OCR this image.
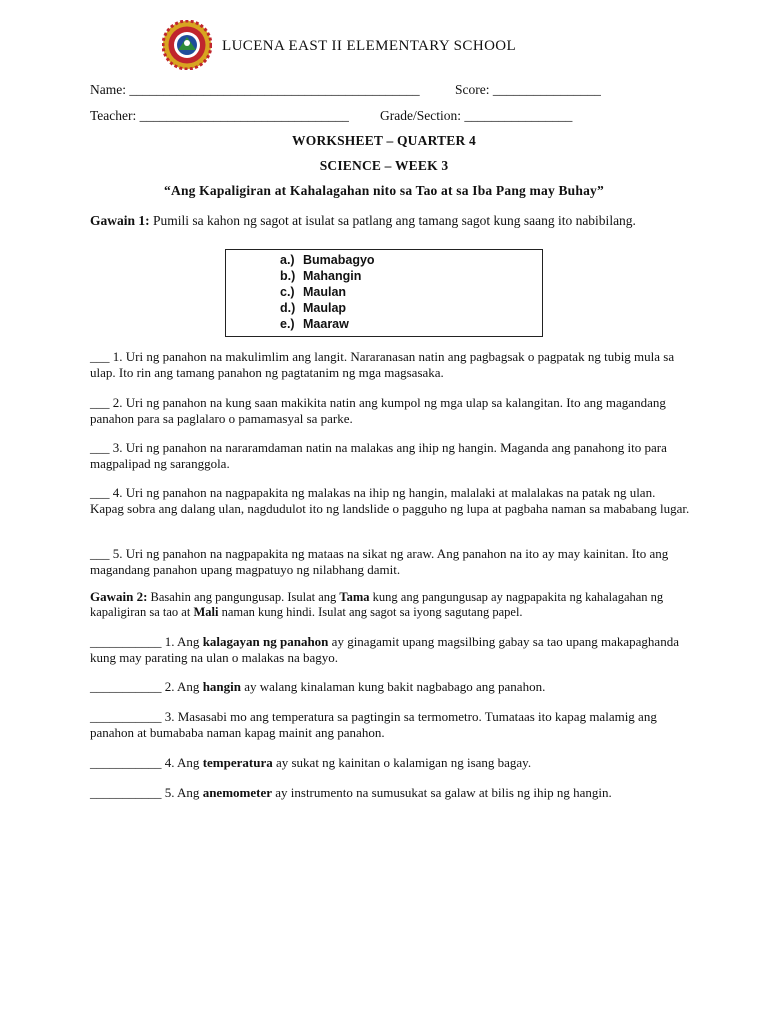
LUCENA EAST II ELEMENTARY SCHOOL
Name: ___________________________________________	Score: ________________
Teacher: _______________________________ Grade/Section: ________________
WORKSHEET – QUARTER 4
SCIENCE – WEEK 3
“Ang Kapaligiran at Kahalagahan nito sa Tao at sa Iba Pang may Buhay”
Gawain 1: Pumili sa kahon ng sagot at isulat sa patlang ang tamang sagot kung saang ito nabibilang.
a.) Bumabagyo
b.) Mahangin
c.) Maulan
d.) Maulap
e.) Maaraw
___ 1. Uri ng panahon na makulimlim ang langit. Nararanasan natin ang pagbagsak o pagpatak ng tubig mula sa ulap. Ito rin ang tamang panahon ng pagtatanim ng mga magsasaka.
___ 2. Uri ng panahon na kung saan makikita natin ang kumpol ng mga ulap sa kalangitan. Ito ang magandang panahon para sa paglalaro o pamamasyal sa parke.
___ 3. Uri ng panahon na nararamdaman natin na malakas ang ihip ng hangin. Maganda ang panahong ito para magpalipad ng saranggola.
___ 4. Uri ng panahon na nagpapakita ng malakas na ihip ng hangin, malalaki at malalakas na patak ng ulan. Kapag sobra ang dalang ulan, nagdudulot ito ng landslide o pagguho ng lupa at pagbaha naman sa mababang lugar.
___ 5. Uri ng panahon na nagpapakita ng mataas na sikat ng araw. Ang panahon na ito ay may kainitan. Ito ang magandang panahon upang magpatuyo ng nilabhang damit.
Gawain 2: Basahin ang pangungusap. Isulat ang Tama kung ang pangungusap ay nagpapakita ng kahalagahan ng kapaligiran sa tao at Mali naman kung hindi. Isulat ang sagot sa iyong sagutang papel.
___________ 1. Ang kalagayan ng panahon ay ginagamit upang magsilbing gabay sa tao upang makapaghanda kung may parating na ulan o malakas na bagyo.
___________ 2. Ang hangin ay walang kinalaman kung bakit nagbabago ang panahon.
___________ 3. Masasabi mo ang temperatura sa pagtingin sa termometro. Tumataas ito kapag malamig ang panahon at bumababa naman kapag mainit ang panahon.
___________ 4. Ang temperatura ay sukat ng kainitan o kalamigan ng isang bagay.
___________ 5. Ang anemometer ay instrumento na sumusukat sa galaw at bilis ng ihip ng hangin.
